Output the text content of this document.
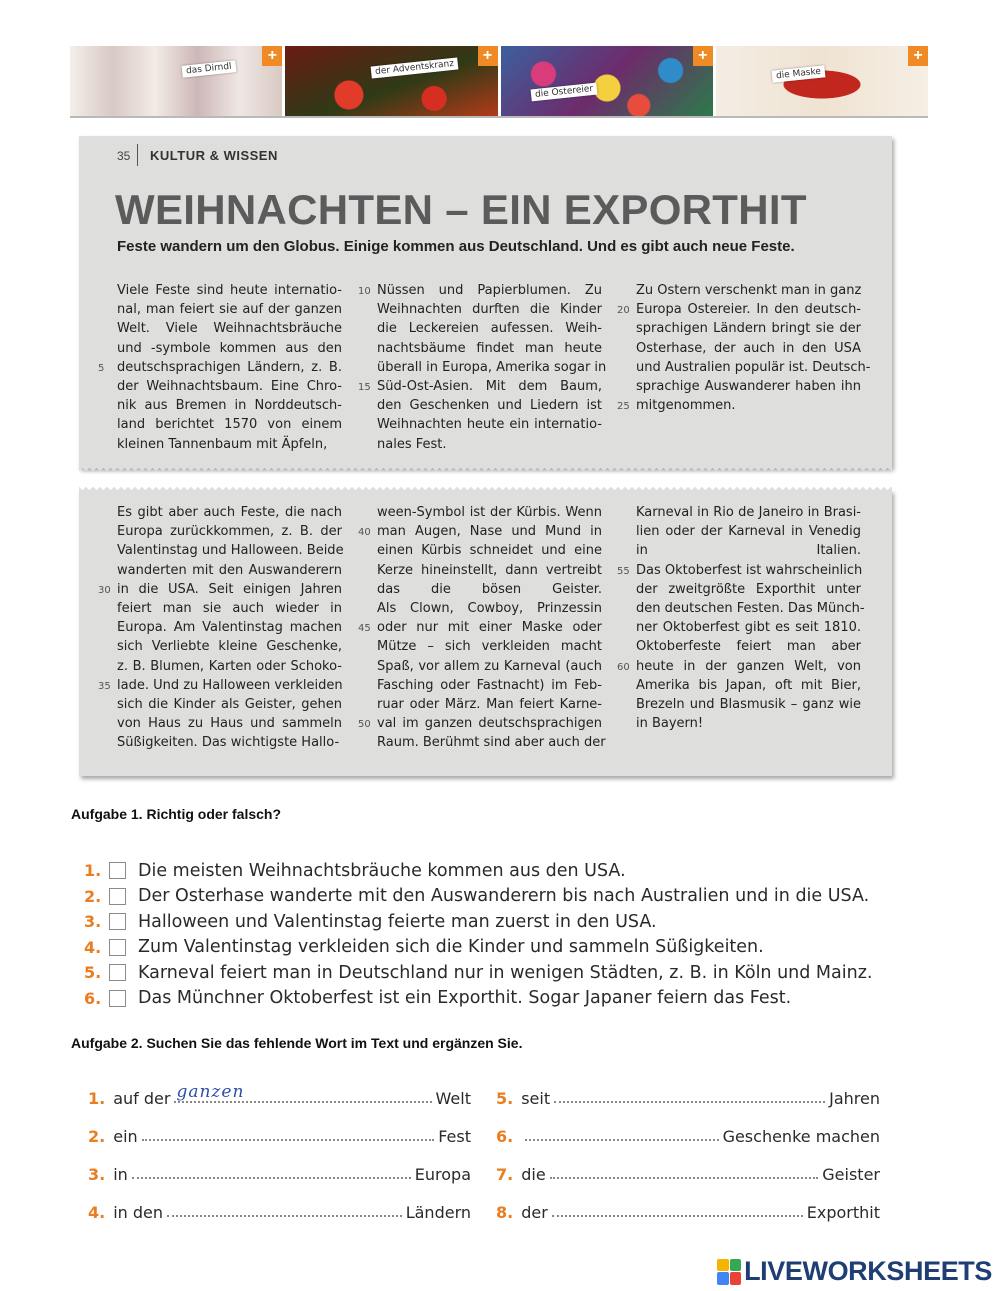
das Dirndl
+
der Adventskranz
+
die Ostereier
+
die Maske
+
35 KULTUR & WISSEN
WEIHNACHTEN – EIN EXPORTHIT

Feste wandern um den Globus. Einige kommen aus Deutschland. Und es gibt auch neue Feste.

Viele Feste sind heute internatio-
nal, man feiert sie auf der ganzen
Welt. Viele Weihnachtsbräuche
und -symbole kommen aus den
5 deutschsprachigen Ländern, z. B.
der Weihnachtsbaum. Eine Chro-
nik aus Bremen in Norddeutsch-
land berichtet 1570 von einem
kleinen Tannenbaum mit Äpfeln,
10 Nüssen und Papierblumen. Zu
Weihnachten durften die Kinder
die Leckereien aufessen. Weih-
nachtsbäume findet man heute
überall in Europa, Amerika sogar in
15 Süd-Ost-Asien. Mit dem Baum,
den Geschenken und Liedern ist
Weihnachten heute ein internatio-
nales Fest.
Zu Ostern verschenkt man in ganz
20 Europa Ostereier. In den deutsch-
sprachigen Ländern bringt sie der
Osterhase, der auch in den USA
und Australien populär ist. Deutsch-
sprachige Auswanderer haben ihn
25 mitgenommen.
Es gibt aber auch Feste, die nach
Europa zurückkommen, z. B. der
Valentinstag und Halloween. Beide
wanderten mit den Auswanderern
30 in die USA. Seit einigen Jahren
feiert man sie auch wieder in
Europa. Am Valentinstag machen
sich Verliebte kleine Geschenke,
z. B. Blumen, Karten oder Schoko-
35 lade. Und zu Halloween verkleiden
sich die Kinder als Geister, gehen
von Haus zu Haus und sammeln
Süßigkeiten. Das wichtigste Hallo-
ween-Symbol ist der Kürbis. Wenn
40 man Augen, Nase und Mund in
einen Kürbis schneidet und eine
Kerze hineinstellt, dann vertreibt
das die bösen Geister.
Als Clown, Cowboy, Prinzessin
45 oder nur mit einer Maske oder
Mütze – sich verkleiden macht
Spaß, vor allem zu Karneval (auch
Fasching oder Fastnacht) im Feb-
ruar oder März. Man feiert Karne-
50 val im ganzen deutschsprachigen
Raum. Berühmt sind aber auch der
Karneval in Rio de Janeiro in Brasi-
lien oder der Karneval in Venedig
in Italien.
55 Das Oktoberfest ist wahrscheinlich
der zweitgrößte Exporthit unter
den deutschen Festen. Das Münch-
ner Oktoberfest gibt es seit 1810.
Oktoberfeste feiert man aber
60 heute in der ganzen Welt, von
Amerika bis Japan, oft mit Bier,
Brezeln und Blasmusik – ganz wie
in Bayern!
Aufgabe 1. Richtig oder falsch?
1. Die meisten Weihnachtsbräuche kommen aus den USA.
2. Der Osterhase wanderte mit den Auswanderern bis nach Australien und in die USA.
3. Halloween und Valentinstag feierte man zuerst in den USA.
4. Zum Valentinstag verkleiden sich die Kinder und sammeln Süßigkeiten.
5. Karneval feiert man in Deutschland nur in wenigen Städten, z. B. in Köln und Mainz.
6. Das Münchner Oktoberfest ist ein Exporthit. Sogar Japaner feiern das Fest.
Aufgabe 2. Suchen Sie das fehlende Wort im Text und ergänzen Sie.
1. auf der ganzen	Welt
2. ein	Fest
3. in	Europa
4. in den	Ländern
5. seit	Jahren
6.	Geschenke machen
7. die	Geister
8. der	Exporthit
LIVEWORKSHEETS
